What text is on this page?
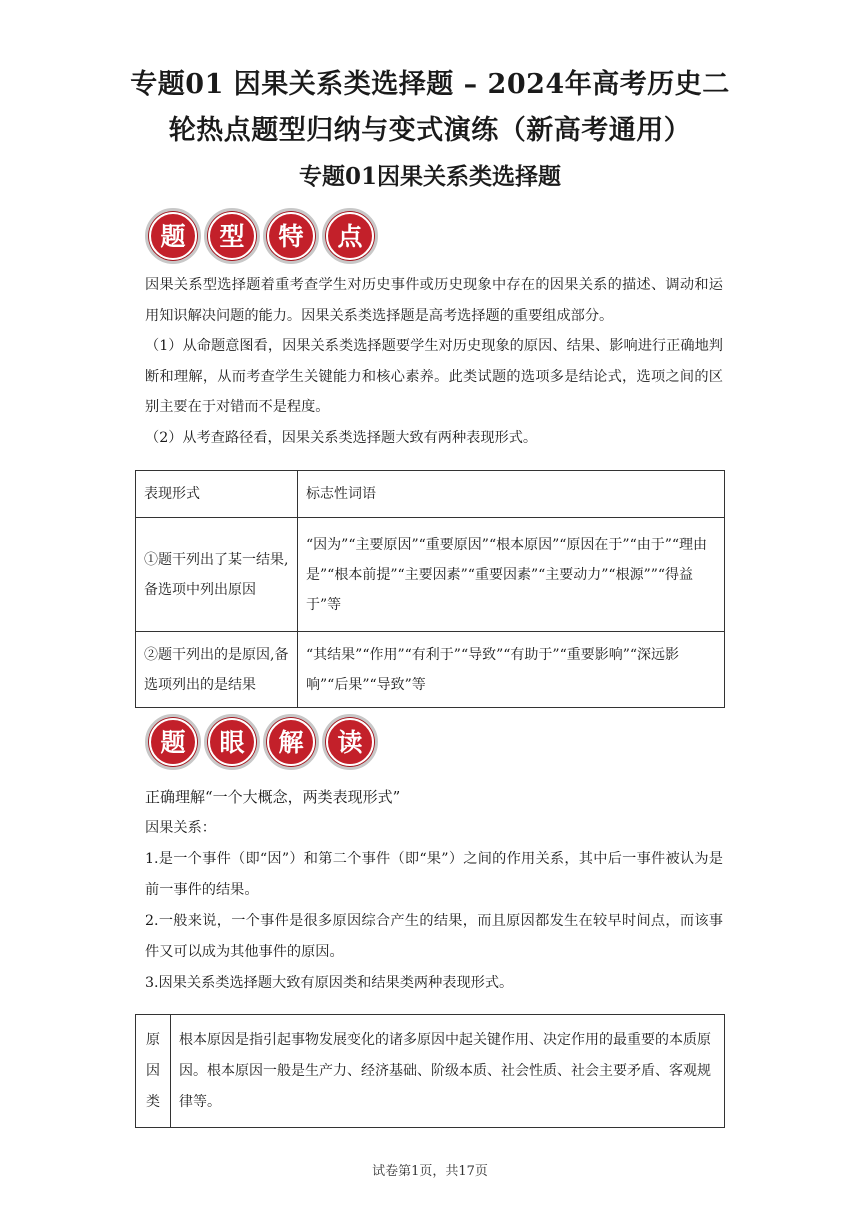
专题01 因果关系类选择题 – 2024年高考历史二
轮热点题型归纳与变式演练（新高考通用）
专题01因果关系类选择题
题	型	特	点

因果关系型选择题着重考查学生对历史事件或历史现象中存在的因果关系的描述、调动和运用知识解决问题的能力。因果关系类选择题是高考选择题的重要组成部分。

（1）从命题意图看，因果关系类选择题要学生对历史现象的原因、结果、影响进行正确地判断和理解，从而考查学生关键能力和核心素养。此类试题的选项多是结论式，选项之间的区别主要在于对错而不是程度。

（2）从考查路径看，因果关系类选择题大致有两种表现形式。

表现形式	标志性词语
①题干列出了某一结果,备选项中列出原因	“因为”“主要原因”“重要原因”“根本原因”“原因在于”“由于”“理由是”“根本前提”“主要因素”“重要因素”“主要动力”“根源””“得益于”等
②题干列出的是原因,备选项列出的是结果	“其结果”“作用”“有利于”“导致”“有助于”“重要影响”“深远影响”“后果”“导致”等
题	眼	解	读

正确理解“一个大概念，两类表现形式”

因果关系：

1.是一个事件（即“因”）和第二个事件（即“果”）之间的作用关系，其中后一事件被认为是前一事件的结果。

2.一般来说，一个事件是很多原因综合产生的结果，而且原因都发生在较早时间点，而该事件又可以成为其他事件的原因。

3.因果关系类选择题大致有原因类和结果类两种表现形式。

原因类	根本原因是指引起事物发展变化的诸多原因中起关键作用、决定作用的最重要的本质原因。根本原因一般是生产力、经济基础、阶级本质、社会性质、社会主要矛盾、客观规律等。
试卷第1页，共17页
